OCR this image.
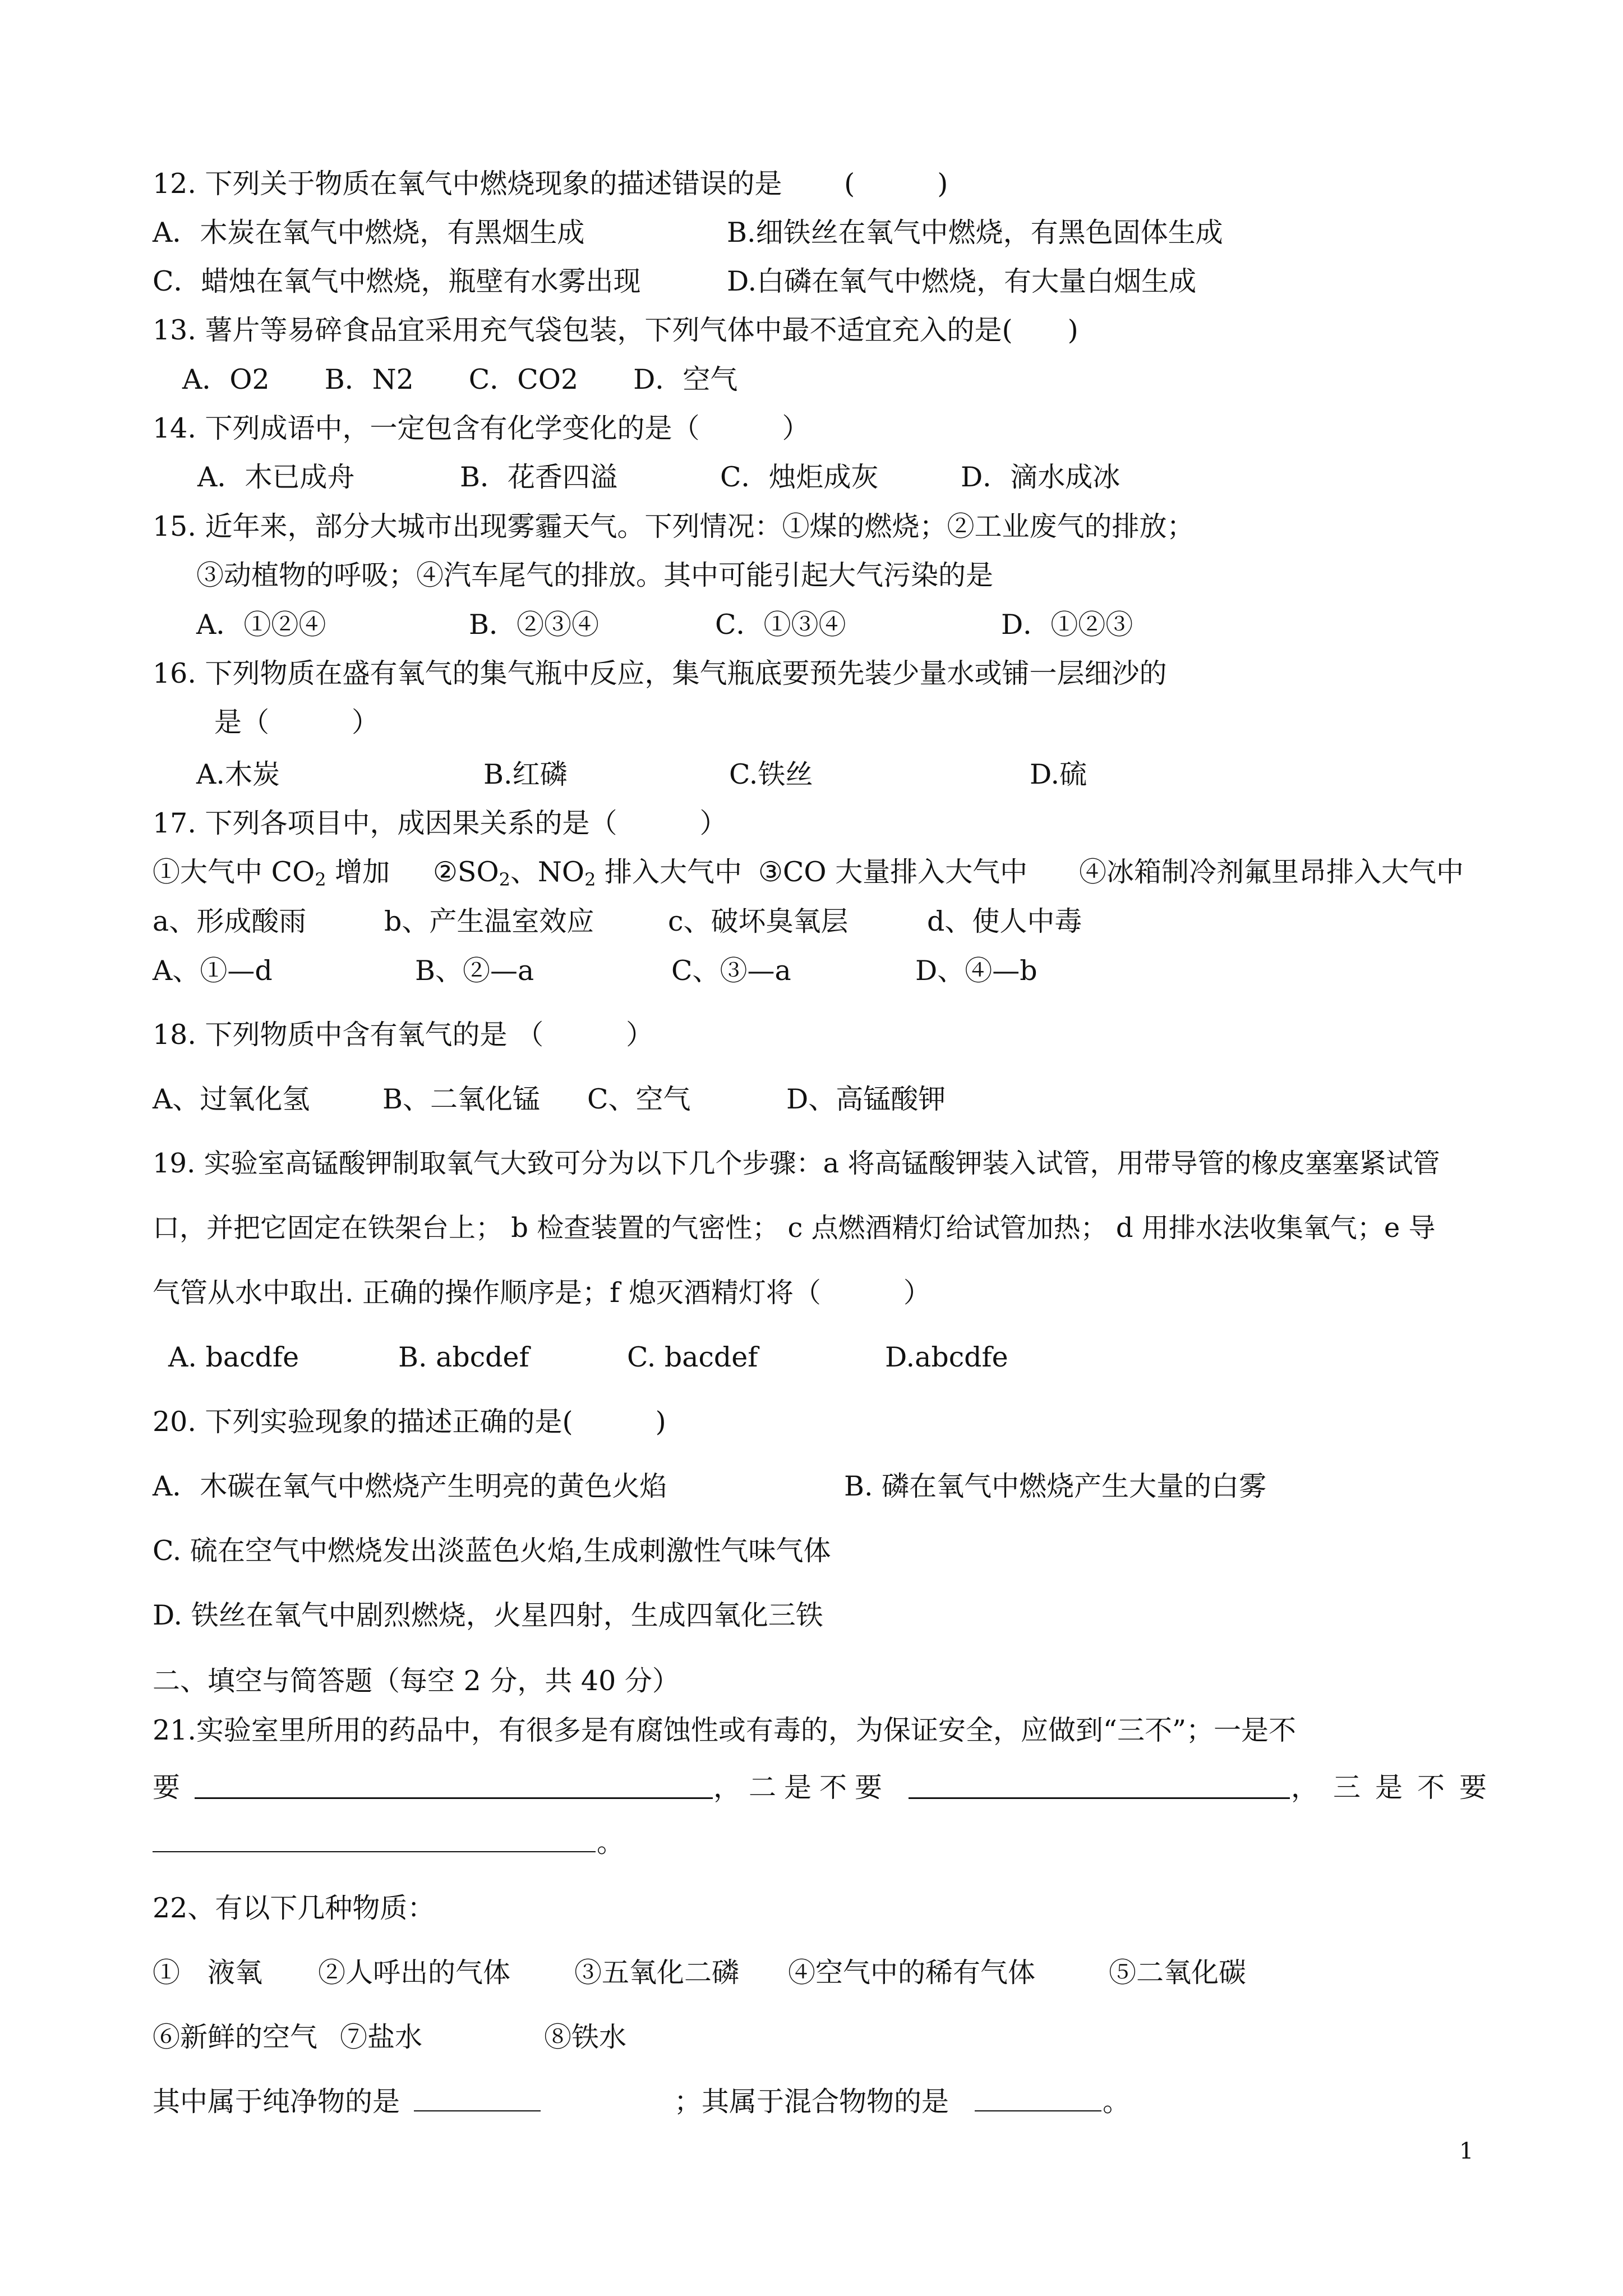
12. 下列关于物质在氧气中燃烧现象的描述错误的是 (　　　)
A．木炭在氧气中燃烧，有黑烟生成	B.细铁丝在氧气中燃烧，有黑色固体生成
C．蜡烛在氧气中燃烧，瓶壁有水雾出现	D.白磷在氧气中燃烧，有大量白烟生成
13. 薯片等易碎食品宜采用充气袋包装，下列气体中最不适宜充入的是(　　)
A．O2　　B．N2　　C．CO2　　D．空气
14. 下列成语中，一定包含有化学变化的是（　　　）
A．木已成舟	B．花香四溢	C．烛炬成灰	D．滴水成冰
15. 近年来，部分大城市出现雾霾天气。下列情况：①煤的燃烧；②工业废气的排放；
③动植物的呼吸；④汽车尾气的排放。其中可能引起大气污染的是
A．①②④	B．②③④	C．①③④	D．①②③
16. 下列物质在盛有氧气的集气瓶中反应，集气瓶底要预先装少量水或铺一层细沙的
是（　　　）
A.木炭	B.红磷	C.铁丝	D.硫
17. 下列各项目中，成因果关系的是（　　　）
①大气中 $CO_2$ 增加 $②SO_2$、$NO_2$ 排入大气中 ③CO 大量排入大气中 ④冰箱制冷剂氟里昂排入大气中
a、形成酸雨	b、产生温室效应	c、破坏臭氧层	d、使人中毒
A、①—d	B、②—a	C、③—a	D、④—b
18. 下列物质中含有氧气的是 （　　　）
A、过氧化氢	B、二氧化锰 C、空气	D、高锰酸钾
19. 实验室高锰酸钾制取氧气大致可分为以下几个步骤：a 将高锰酸钾装入试管，用带导管的橡皮塞塞紧试管
口，并把它固定在铁架台上； b 检查装置的气密性； c 点燃酒精灯给试管加热； d 用排水法收集氧气；e 导
气管从水中取出. 正确的操作顺序是；f 熄灭酒精灯将（　　　）
A. bacdfe	B. abcdef	C. bacdef	D.abcdfe
20. 下列实验现象的描述正确的是(　　　)
A．木碳在氧气中燃烧产生明亮的黄色火焰	B. 磷在氧气中燃烧产生大量的白雾
C. 硫在空气中燃烧发出淡蓝色火焰,生成刺激性气味气体
D. 铁丝在氧气中剧烈燃烧，火星四射，生成四氧化三铁
二、填空与简答题（每空 2 分，共 40 分）
21.实验室里所用的药品中，有很多是有腐蚀性或有毒的，为保证安全，应做到“三不”；一是不
要	，二是不要	，三是不要
。
22、有以下几种物质：
①　液氧 ②人呼出的气体 ③五氧化二磷 ④空气中的稀有气体	⑤二氧化碳
⑥新鲜的空气 ⑦盐水	⑧铁水
其中属于纯净物的是	；其属于混合物物的是	。
1
